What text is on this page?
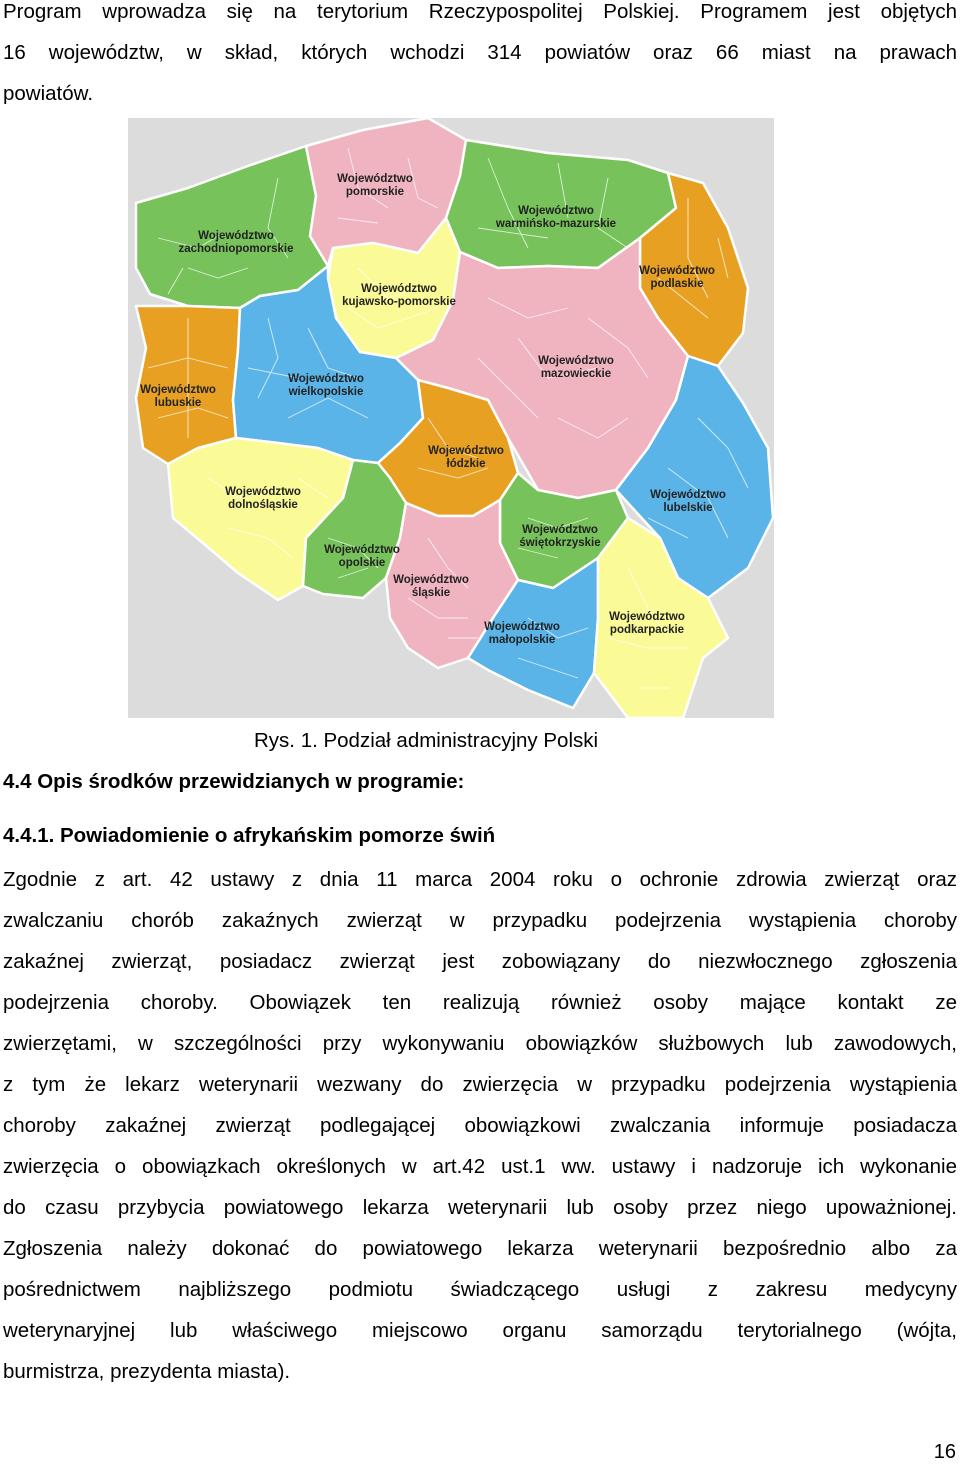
Program wprowadza się na terytorium Rzeczypospolitej Polskiej. Programem jest objętych
16 województw, w skład, których wchodzi 314 powiatów oraz 66 miast na prawach
powiatów.
Województwo zachodniopomorskie
Województwo pomorskie
Województwo warmińsko-mazurskie
Województwo podlaskie
Województwo kujawsko-pomorskie
Województwo lubuskie
Województwo wielkopolskie
Województwo mazowieckie
Województwo łódzkie
Województwo dolnośląskie
Województwo lubelskie
Województwo świętokrzyskie
Województwo opolskie
Województwo śląskie
Województwo małopolskie
Województwo podkarpackie
Rys. 1. Podział administracyjny Polski
4.4 Opis środków przewidzianych w programie:
4.4.1. Powiadomienie o afrykańskim pomorze świń
Zgodnie z art. 42 ustawy z dnia 11 marca 2004 roku o ochronie zdrowia zwierząt oraz
zwalczaniu chorób zakaźnych zwierząt w przypadku podejrzenia wystąpienia choroby
zakaźnej zwierząt, posiadacz zwierząt jest zobowiązany do niezwłocznego zgłoszenia
podejrzenia choroby. Obowiązek ten realizują również osoby mające kontakt ze
zwierzętami, w szczególności przy wykonywaniu obowiązków służbowych lub zawodowych,
z tym że lekarz weterynarii wezwany do zwierzęcia w przypadku podejrzenia wystąpienia
choroby zakaźnej zwierząt podlegającej obowiązkowi zwalczania informuje posiadacza
zwierzęcia o obowiązkach określonych w art.42 ust.1 ww. ustawy i nadzoruje ich wykonanie
do czasu przybycia powiatowego lekarza weterynarii lub osoby przez niego upoważnionej.
Zgłoszenia należy dokonać do powiatowego lekarza weterynarii bezpośrednio albo za
pośrednictwem najbliższego podmiotu świadczącego usługi z zakresu medycyny
weterynaryjnej lub właściwego miejscowo organu samorządu terytorialnego (wójta,
burmistrza, prezydenta miasta).
16
